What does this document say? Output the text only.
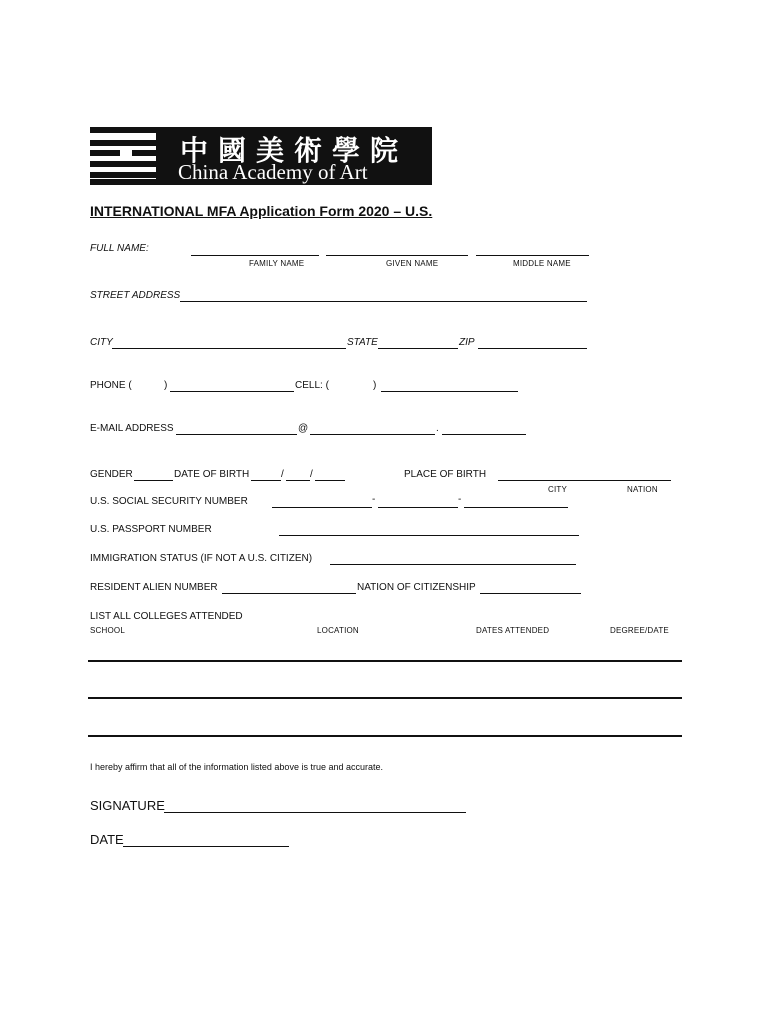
中國美術學院
China Academy of Art
INTERNATIONAL MFA Application Form 2020 – U.S.
FULL NAME:
FAMILY NAME	GIVEN NAME	MIDDLE NAME
STREET ADDRESS
CITY	STATE	ZIP
PHONE (	)	CELL: (	)
E-MAIL ADDRESS	@	.
GENDER	DATE OF BIRTH	/	/	PLACE OF BIRTH
CITY	NATION
U.S. SOCIAL SECURITY NUMBER	-	-
U.S. PASSPORT NUMBER
IMMIGRATION STATUS (IF NOT A U.S. CITIZEN)
RESIDENT ALIEN NUMBER	NATION OF CITIZENSHIP
LIST ALL COLLEGES ATTENDED
SCHOOL	LOCATION	DATES ATTENDED	DEGREE/DATE
I hereby affirm that all of the information listed above is true and accurate.
SIGNATURE
DATE
